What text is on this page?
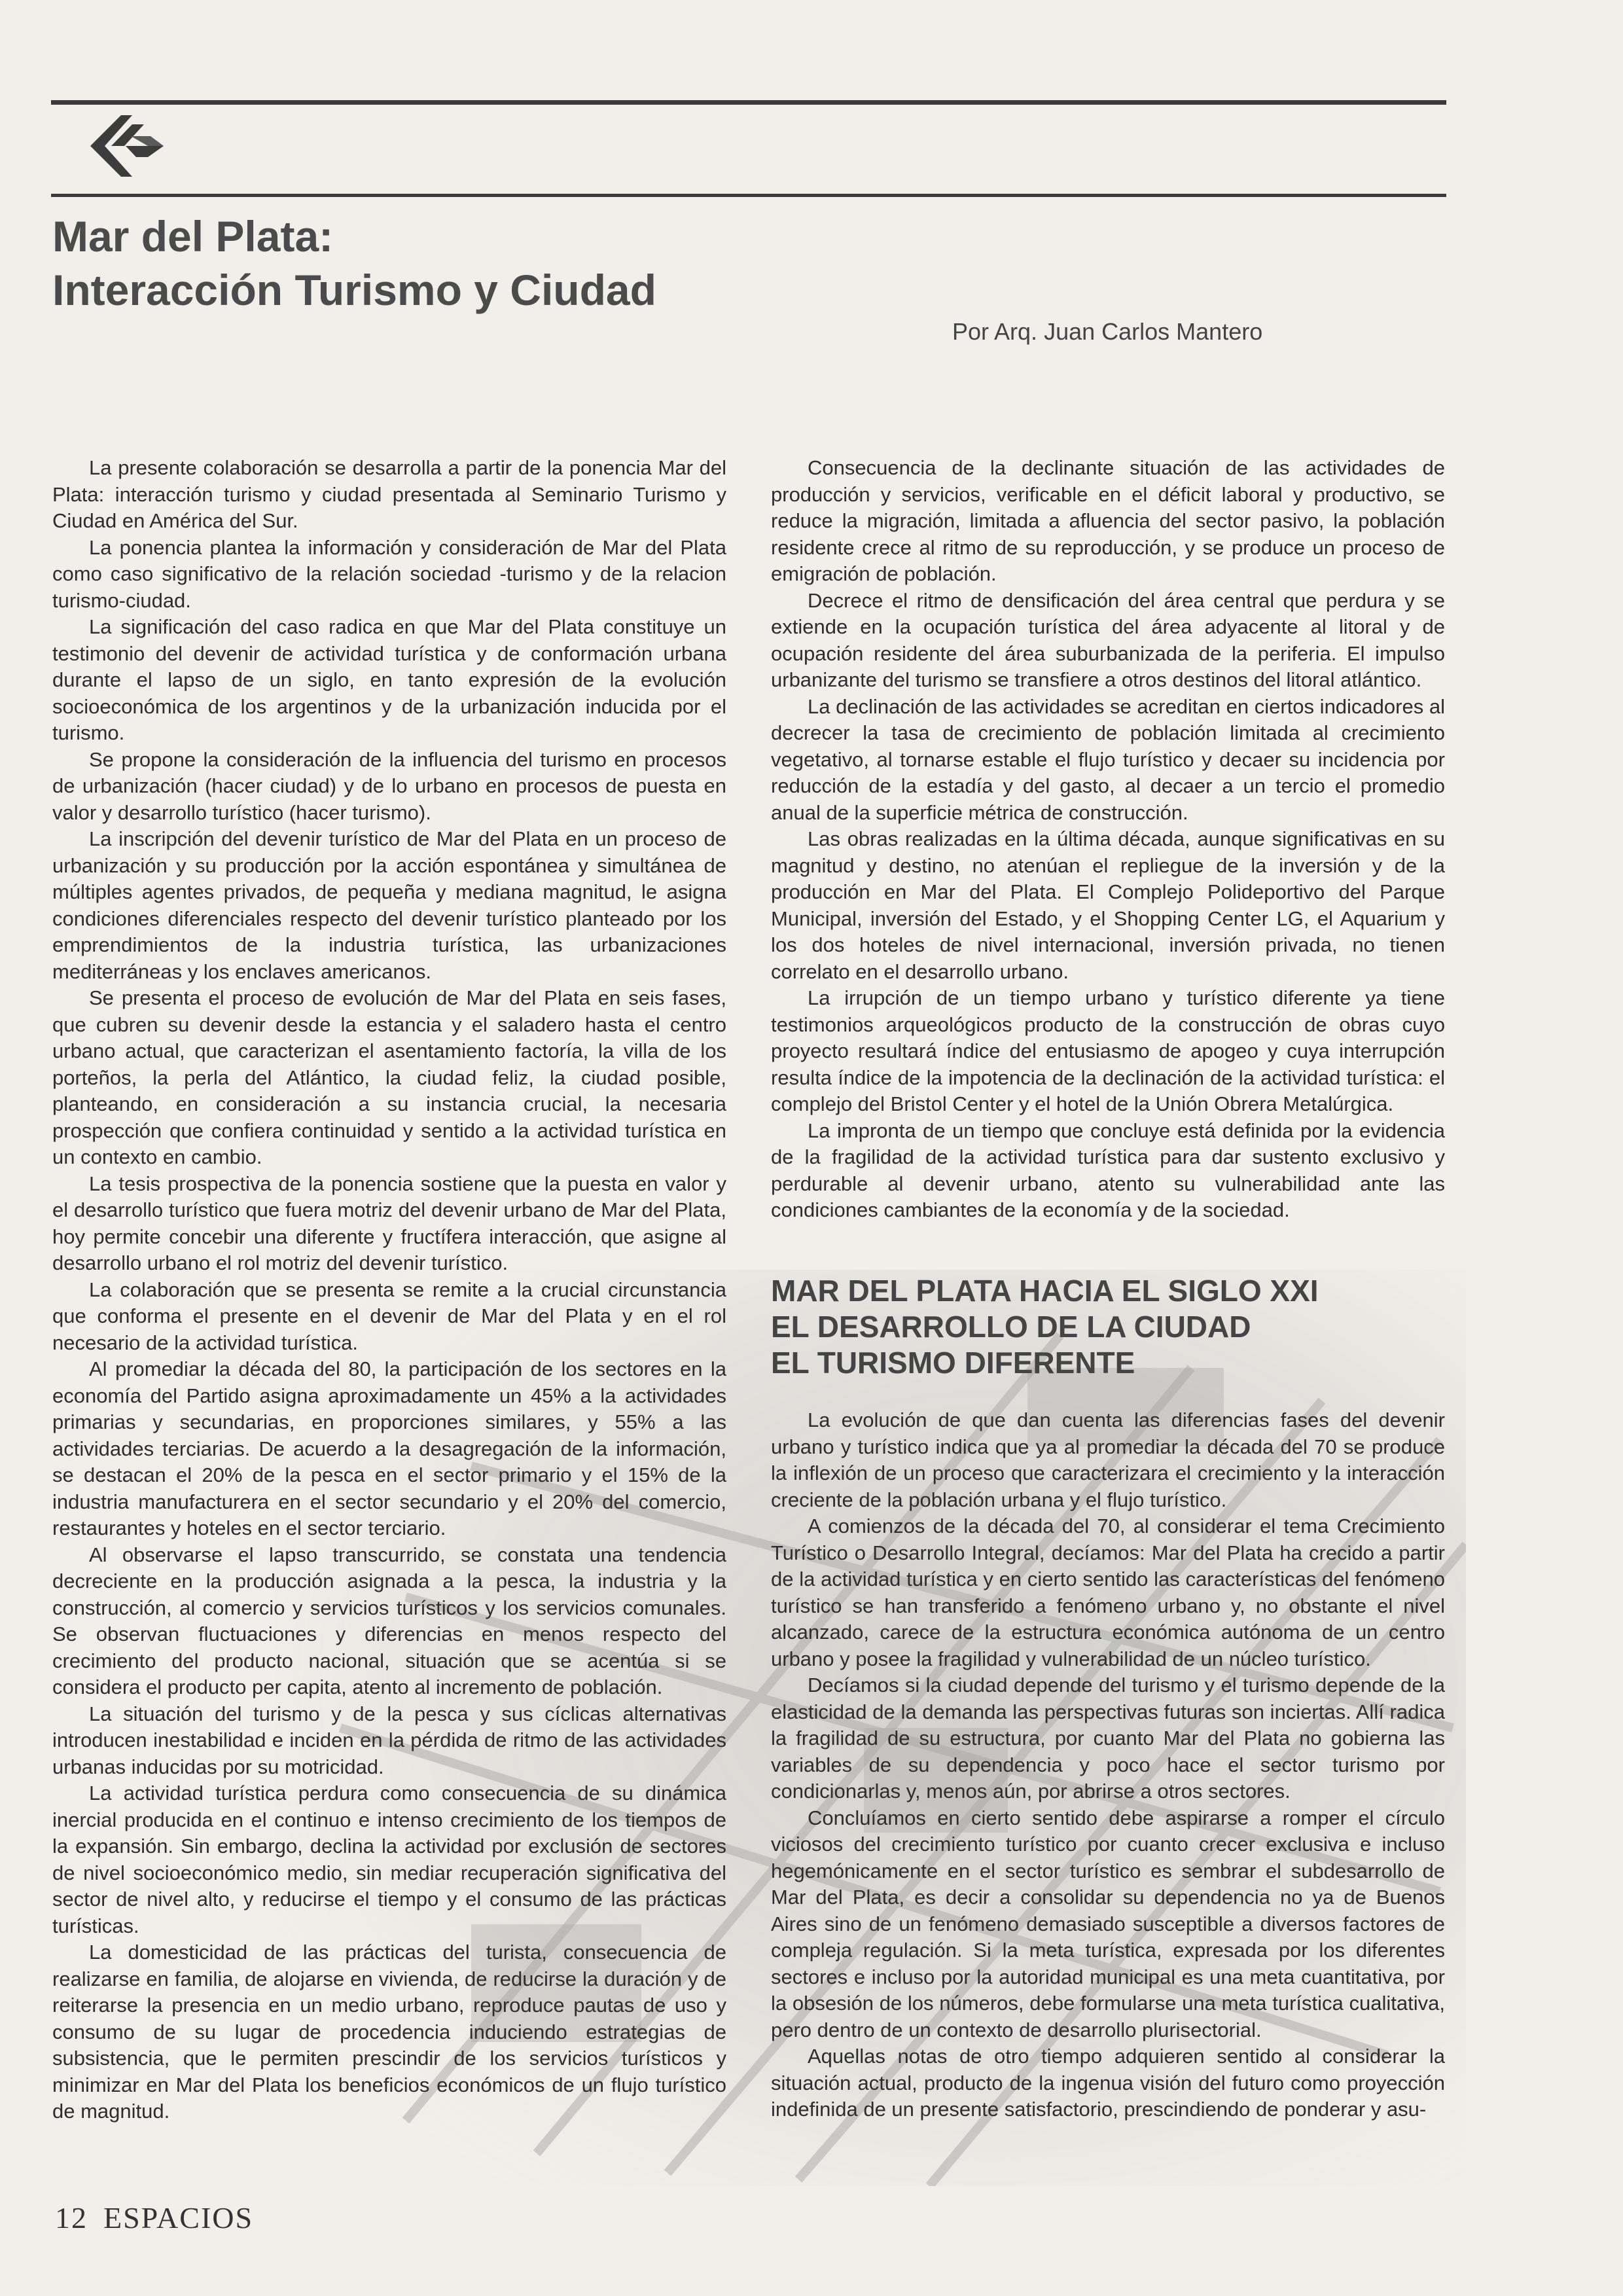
Mar del Plata:
Interacción Turismo y Ciudad
Por Arq. Juan Carlos Mantero

La presente colaboración se desarrolla a partir de la ponencia Mar del Plata: interacción turismo y ciudad presentada al Seminario Turismo y Ciudad en América del Sur.

La ponencia plantea la información y consideración de Mar del Plata como caso significativo de la relación sociedad -turismo y de la relacion turismo-ciudad.

La significación del caso radica en que Mar del Plata constituye un testimonio del devenir de actividad turística y de conformación urbana durante el lapso de un siglo, en tanto expresión de la evolución socioeconómica de los argentinos y de la urbanización inducida por el turismo.

Se propone la consideración de la influencia del turismo en procesos de urbanización (hacer ciudad) y de lo urbano en procesos de puesta en valor y desarrollo turístico (hacer turismo).

La inscripción del devenir turístico de Mar del Plata en un proceso de urbanización y su producción por la acción espontánea y simultánea de múltiples agentes privados, de pequeña y mediana magnitud, le asigna condiciones diferenciales respecto del devenir turístico planteado por los emprendimientos de la industria turística, las urbanizaciones mediterráneas y los enclaves americanos.

Se presenta el proceso de evolución de Mar del Plata en seis fases, que cubren su devenir desde la estancia y el saladero hasta el centro urbano actual, que caracterizan el asentamiento factoría, la villa de los porteños, la perla del Atlántico, la ciudad feliz, la ciudad posible, planteando, en consideración a su instancia crucial, la necesaria prospección que confiera continuidad y sentido a la actividad turística en un contexto en cambio.

La tesis prospectiva de la ponencia sostiene que la puesta en valor y el desarrollo turístico que fuera motriz del devenir urbano de Mar del Plata, hoy permite concebir una diferente y fructífera interacción, que asigne al desarrollo urbano el rol motriz del devenir turístico.

La colaboración que se presenta se remite a la crucial circunstancia que conforma el presente en el devenir de Mar del Plata y en el rol necesario de la actividad turística.

Al promediar la década del 80, la participación de los sectores en la economía del Partido asigna aproximadamente un 45% a la actividades primarias y secundarias, en proporciones similares, y 55% a las actividades terciarias. De acuerdo a la desagregación de la información, se destacan el 20% de la pesca en el sector primario y el 15% de la industria manufacturera en el sector secundario y el 20% del comercio, restaurantes y hoteles en el sector terciario.

Al observarse el lapso transcurrido, se constata una tendencia decreciente en la producción asignada a la pesca, la industria y la construcción, al comercio y servicios turísticos y los servicios comunales. Se observan fluctuaciones y diferencias en menos respecto del crecimiento del producto nacional, situación que se acentúa si se considera el producto per capita, atento al incremento de población.

La situación del turismo y de la pesca y sus cíclicas alternativas introducen inestabilidad e inciden en la pérdida de ritmo de las actividades urbanas inducidas por su motricidad.

La actividad turística perdura como consecuencia de su dinámica inercial producida en el continuo e intenso crecimiento de los tiempos de la expansión. Sin embargo, declina la actividad por exclusión de sectores de nivel socioeconómico medio, sin mediar recuperación significativa del sector de nivel alto, y reducirse el tiempo y el consumo de las prácticas turísticas.

La domesticidad de las prácticas del turista, consecuencia de realizarse en familia, de alojarse en vivienda, de reducirse la duración y de reiterarse la presencia en un medio urbano, reproduce pautas de uso y consumo de su lugar de procedencia induciendo estrategias de subsistencia, que le permiten prescindir de los servicios turísticos y minimizar en Mar del Plata los beneficios económicos de un flujo turístico de magnitud.

Consecuencia de la declinante situación de las actividades de producción y servicios, verificable en el déficit laboral y productivo, se reduce la migración, limitada a afluencia del sector pasivo, la población residente crece al ritmo de su reproducción, y se produce un proceso de emigración de población.

Decrece el ritmo de densificación del área central que perdura y se extiende en la ocupación turística del área adyacente al litoral y de ocupación residente del área suburbanizada de la periferia. El impulso urbanizante del turismo se transfiere a otros destinos del litoral atlántico.

La declinación de las actividades se acreditan en ciertos indicadores al decrecer la tasa de crecimiento de población limitada al crecimiento vegetativo, al tornarse estable el flujo turístico y decaer su incidencia por reducción de la estadía y del gasto, al decaer a un tercio el promedio anual de la superficie métrica de construcción.

Las obras realizadas en la última década, aunque significativas en su magnitud y destino, no atenúan el repliegue de la inversión y de la producción en Mar del Plata. El Complejo Polideportivo del Parque Municipal, inversión del Estado, y el Shopping Center LG, el Aquarium y los dos hoteles de nivel internacional, inversión privada, no tienen correlato en el desarrollo urbano.

La irrupción de un tiempo urbano y turístico diferente ya tiene testimonios arqueológicos producto de la construcción de obras cuyo proyecto resultará índice del entusiasmo de apogeo y cuya interrupción resulta índice de la impotencia de la declinación de la actividad turística: el complejo del Bristol Center y el hotel de la Unión Obrera Metalúrgica.

La impronta de un tiempo que concluye está definida por la evidencia de la fragilidad de la actividad turística para dar sustento exclusivo y perdurable al devenir urbano, atento su vulnerabilidad ante las condiciones cambiantes de la economía y de la sociedad.

MAR DEL PLATA HACIA EL SIGLO XXI
EL DESARROLLO DE LA CIUDAD
EL TURISMO DIFERENTE

La evolución de que dan cuenta las diferencias fases del devenir urbano y turístico indica que ya al promediar la década del 70 se produce la inflexión de un proceso que caracterizara el crecimiento y la interacción creciente de la población urbana y el flujo turístico.

A comienzos de la década del 70, al considerar el tema Crecimiento Turístico o Desarrollo Integral, decíamos: Mar del Plata ha crecido a partir de la actividad turística y en cierto sentido las características del fenómeno turístico se han transferido a fenómeno urbano y, no obstante el nivel alcanzado, carece de la estructura económica autónoma de un centro urbano y posee la fragilidad y vulnerabilidad de un núcleo turístico.

Decíamos si la ciudad depende del turismo y el turismo depende de la elasticidad de la demanda las perspectivas futuras son inciertas. Allí radica la fragilidad de su estructura, por cuanto Mar del Plata no gobierna las variables de su dependencia y poco hace el sector turismo por condicionarlas y, menos aún, por abrirse a otros sectores.

Concluíamos en cierto sentido debe aspirarse a romper el círculo viciosos del crecimiento turístico por cuanto crecer exclusiva e incluso hegemónicamente en el sector turístico es sembrar el subdesarrollo de Mar del Plata, es decir a consolidar su dependencia no ya de Buenos Aires sino de un fenómeno demasiado susceptible a diversos factores de compleja regulación. Si la meta turística, expresada por los diferentes sectores e incluso por la autoridad municipal es una meta cuantitativa, por la obsesión de los números, debe formularse una meta turística cualitativa, pero dentro de un contexto de desarrollo plurisectorial.

Aquellas notas de otro tiempo adquieren sentido al considerar la situación actual, producto de la ingenua visión del futuro como proyección indefinida de un presente satisfactorio, prescindiendo de ponderar y asu-

12 ESPACIOS
